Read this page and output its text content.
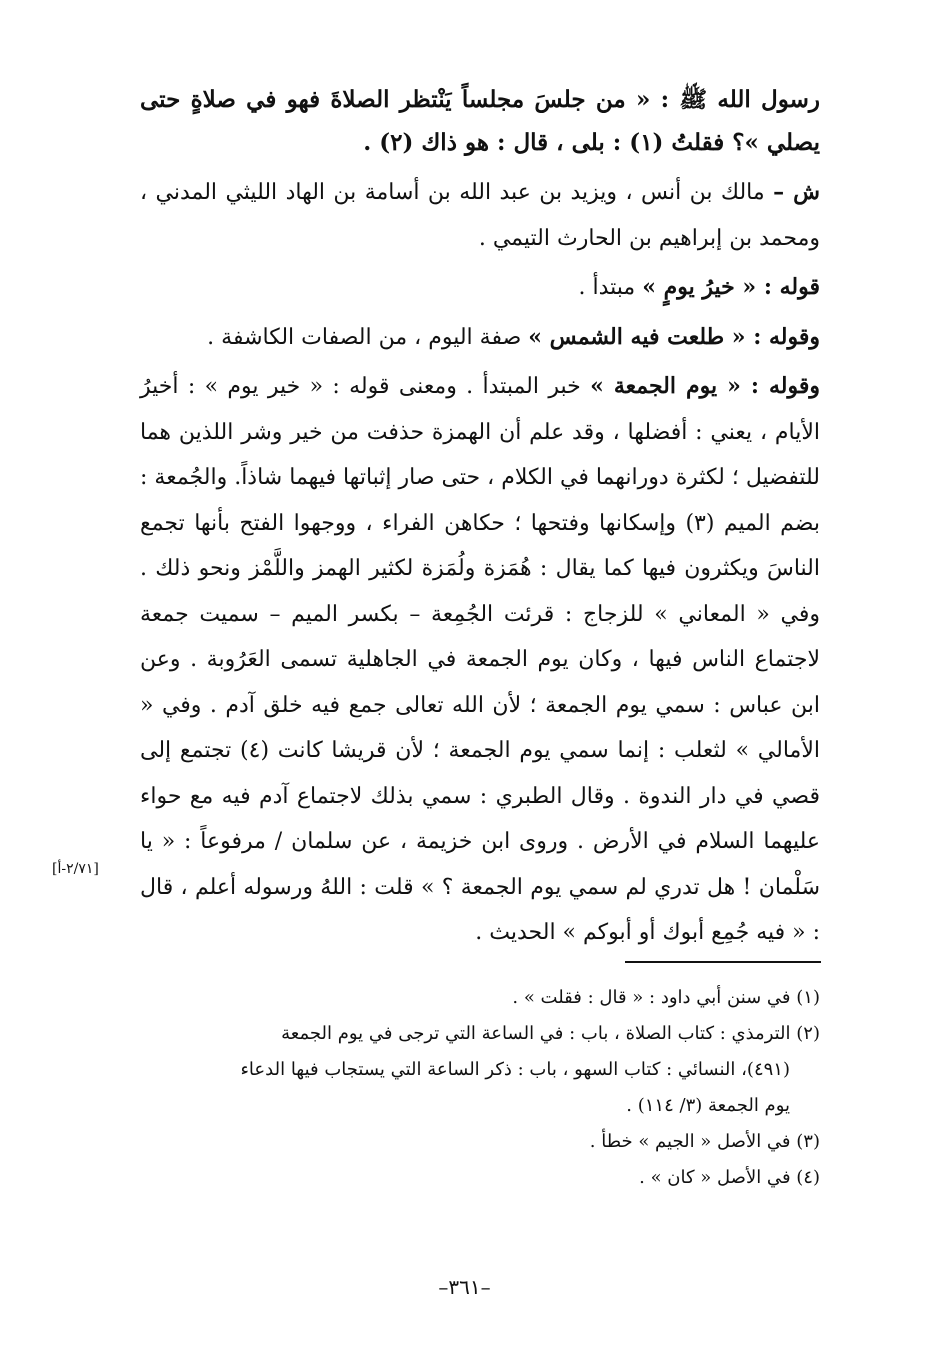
رسول الله ﷺ : « من جلسَ مجلساً يَنْتظر الصلاةَ فهو في صلاةٍ حتى يصلي »؟ فقلتُ (١) : بلى ، قال : هو ذاك (٢) .

ش – مالك بن أنس ، ويزيد بن عبد الله بن أسامة بن الهاد الليثي المدني ، ومحمد بن إبراهيم بن الحارث التيمي .

قوله : « خيرُ يومٍ » مبتدأ .

وقوله : « طلعت فيه الشمس » صفة اليوم ، من الصفات الكاشفة .

وقوله : « يوم الجمعة » خبر المبتدأ . ومعنى قوله : « خير يوم » : أخيرُ الأيام ، يعني : أفضلها ، وقد علم أن الهمزة حذفت من خير وشر اللذين هما للتفضيل ؛ لكثرة دورانهما في الكلام ، حتى صار إثباتها فيهما شاذاً. والجُمعة : بضم الميم (٣) وإسكانها وفتحها ؛ حكاهن الفراء ، ووجهوا الفتح بأنها تجمع الناسَ ويكثرون فيها كما يقال : هُمَزة ولُمَزة لكثير الهمز واللَّمْز ونحو ذلك . وفي « المعاني » للزجاج : قرئت الجُمِعة – بكسر الميم – سميت جمعة لاجتماع الناس فيها ، وكان يوم الجمعة في الجاهلية تسمى العَرُوبة . وعن ابن عباس : سمي يوم الجمعة ؛ لأن الله تعالى جمع فيه خلق آدم . وفي « الأمالي » لثعلب : إنما سمي يوم الجمعة ؛ لأن قريشا كانت (٤) تجتمع إلى قصي في دار الندوة . وقال الطبري : سمي بذلك لاجتماع آدم فيه مع حواء عليهما السلام في الأرض . وروى ابن خزيمة ، عن سلمان / مرفوعاً : « يا سَلْمان ! هل تدري لم سمي يوم الجمعة ؟ » قلت : اللهُ ورسوله أعلم ، قال : « فيه جُمِع أبوك أو أبوكم » الحديث .

[٢/٧١-أ]

(١) في سنن أبي داود : « قال : فقلت » .

(٢) الترمذي : كتاب الصلاة ، باب : في الساعة التي ترجى في يوم الجمعة

(٤٩١)، النسائي : كتاب السهو ، باب : ذكر الساعة التي يستجاب فيها الدعاء

يوم الجمعة (٣/ ١١٤) .

(٣) في الأصل « الجيم » خطأ .

(٤) في الأصل « كان » .

–٣٦١–
